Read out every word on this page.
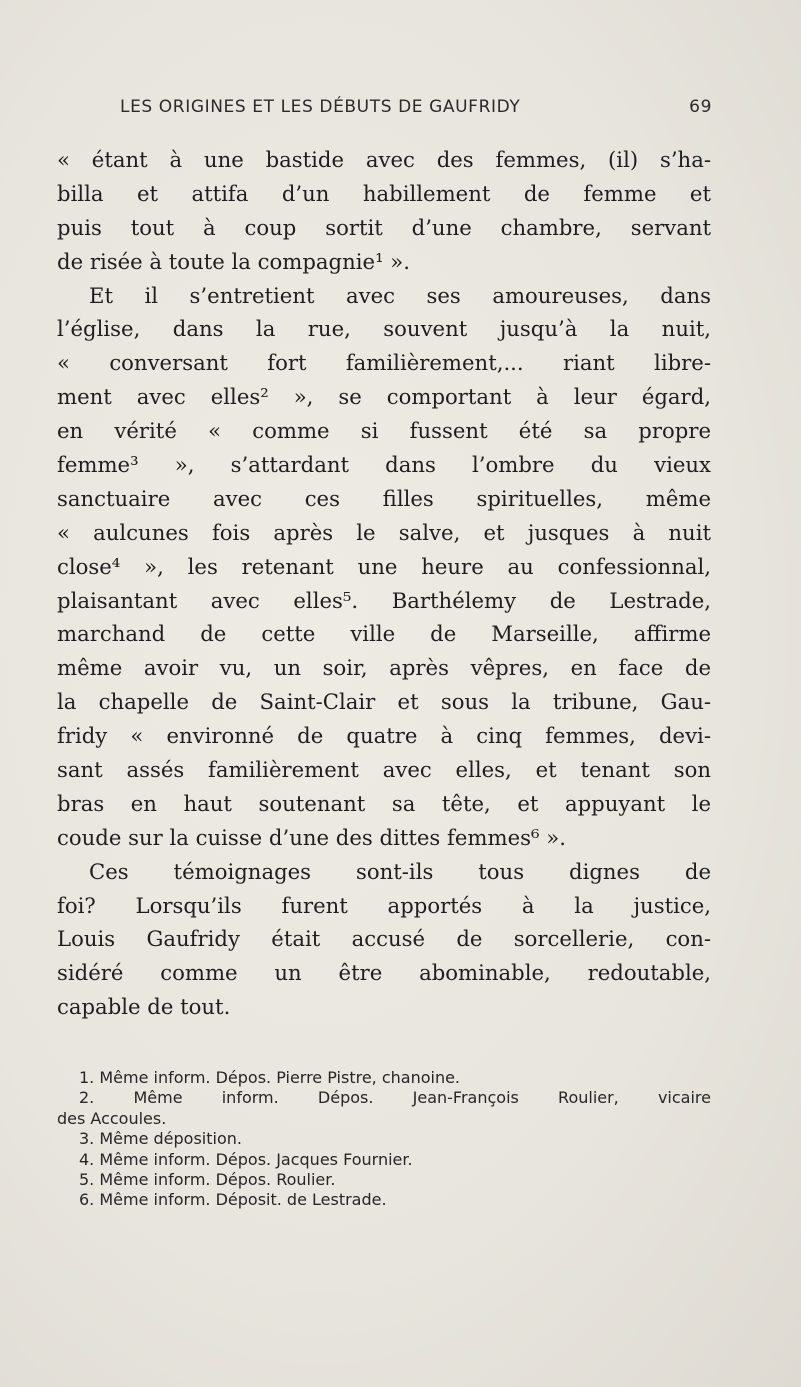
LES ORIGINES ET LES DÉBUTS DE GAUFRIDY	69
« étant à une bastide avec des femmes, (il) s’ha-
billa et attifa d’un habillement de femme et
puis tout à coup sortit d’une chambre, servant
de risée à toute la compagnie¹ ».
Et il s’entretient avec ses amoureuses, dans
l’église, dans la rue, souvent jusqu’à la nuit,
« conversant fort familièrement,... riant libre-
ment avec elles² », se comportant à leur égard,
en vérité « comme si fussent été sa propre
femme³ », s’attardant dans l’ombre du vieux
sanctuaire avec ces filles spirituelles, même
« aulcunes fois après le salve, et jusques à nuit
close⁴ », les retenant une heure au confessionnal,
plaisantant avec elles⁵. Barthélemy de Lestrade,
marchand de cette ville de Marseille, affirme
même avoir vu, un soir, après vêpres, en face de
la chapelle de Saint-Clair et sous la tribune, Gau-
fridy « environné de quatre à cinq femmes, devi-
sant assés familièrement avec elles, et tenant son
bras en haut soutenant sa tête, et appuyant le
coude sur la cuisse d’une des dittes femmes⁶ ».
Ces témoignages sont-ils tous dignes de
foi? Lorsqu’ils furent apportés à la justice,
Louis Gaufridy était accusé de sorcellerie, con-
sidéré comme un être abominable, redoutable,
capable de tout.
1. Même inform. Dépos. Pierre Pistre, chanoine.
2. Même inform. Dépos. Jean-François Roulier, vicaire
des Accoules.
3. Même déposition.
4. Même inform. Dépos. Jacques Fournier.
5. Même inform. Dépos. Roulier.
6. Même inform. Déposit. de Lestrade.
